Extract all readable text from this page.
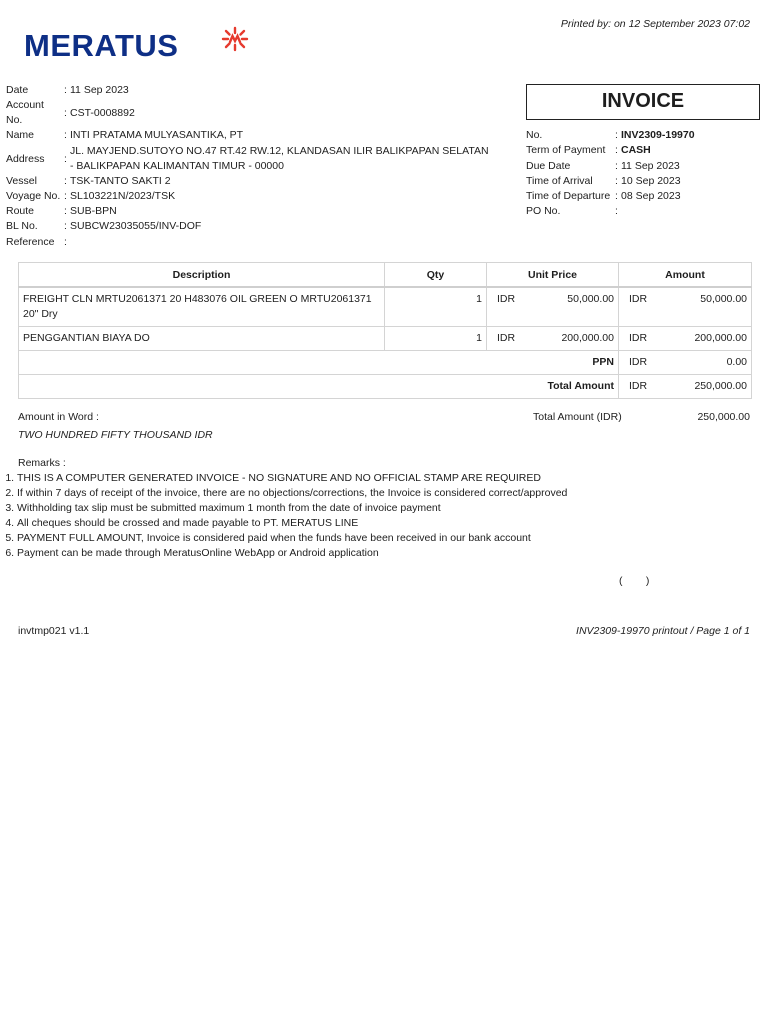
Printed by: on 12 September 2023 07:02
MERATUS
Date	: 11 Sep 2023
Account No.
: CST-0008892
Name	: INTI PRATAMA MULYASANTIKA, PT
Address	:
JL. MAYJEND.SUTOYO NO.47 RT.42 RW.12, KLANDASAN ILIR BALIKPAPAN SELATAN - BALIKPAPAN KALIMANTAN TIMUR - 00000
Vessel	: TSK-TANTO SAKTI 2
Voyage No. : SL103221N/2023/TSK
Route	: SUB-BPN
BL No.	: SUBCW23035055/INV-DOF
Reference :
INVOICE
No.	: INV2309-19970
Term of Payment : CASH
Due Date	: 11 Sep 2023
Time of Arrival : 10 Sep 2023
Time of Departure : 08 Sep 2023
PO No.	:
Description	Qty	Unit Price	Amount
FREIGHT CLN MRTU2061371 20 H483076 OIL GREEN O MRTU2061371 20" Dry	1	IDR 50,000.00	IDR 50,000.00

PENGGANTIAN BIAYA DO	1	IDR 200,000.00	IDR 200,000.00

PPN			IDR 0.00

Total Amount			IDR 250,000.00
Amount in Word :
TWO HUNDRED FIFTY THOUSAND IDR
Total Amount (IDR)	250,000.00
Remarks :
1. THIS IS A COMPUTER GENERATED INVOICE - NO SIGNATURE AND NO OFFICIAL STAMP ARE REQUIRED
2. If within 7 days of receipt of the invoice, there are no objections/corrections, the Invoice is considered correct/approved
3. Withholding tax slip must be submitted maximum 1 month from the date of invoice payment
4. All cheques should be crossed and made payable to PT. MERATUS LINE
5. PAYMENT FULL AMOUNT, Invoice is considered paid when the funds have been received in our bank account
6. Payment can be made through MeratusOnline WebApp or Android application
(        )
invtmp021 v1.1	INV2309-19970 printout / Page 1 of 1
